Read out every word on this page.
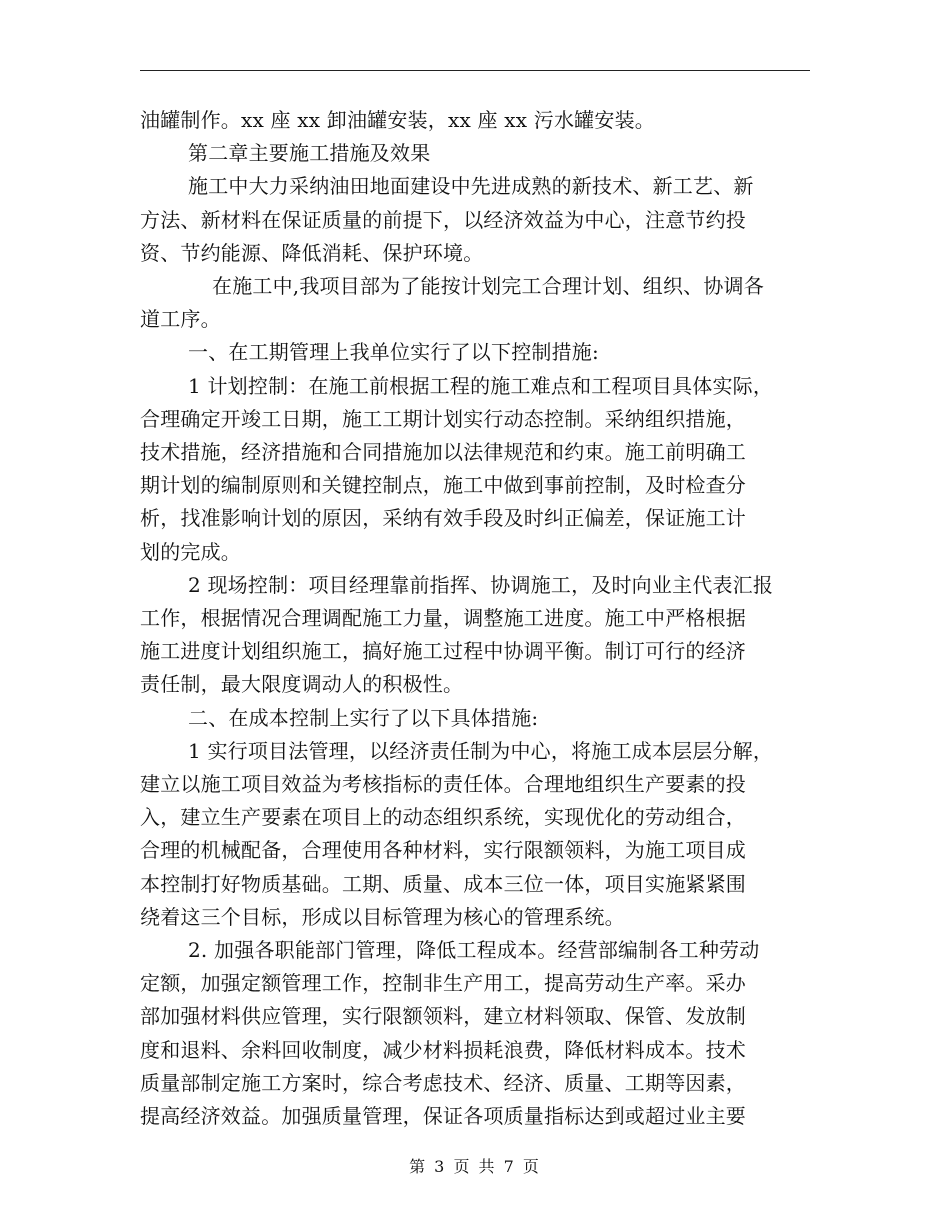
油罐制作。xx 座 xx 卸油罐安装，xx 座 xx 污水罐安装。

第二章主要施工措施及效果

施工中大力采纳油田地面建设中先进成熟的新技术、新工艺、新

方法、新材料在保证质量的前提下，以经济效益为中心，注意节约投

资、节约能源、降低消耗、保护环境。

在施工中,我项目部为了能按计划完工合理计划、组织、协调各

道工序。

一、在工期管理上我单位实行了以下控制措施:

1 计划控制：在施工前根据工程的施工难点和工程项目具体实际，

合理确定开竣工日期，施工工期计划实行动态控制。采纳组织措施，

技术措施，经济措施和合同措施加以法律规范和约束。施工前明确工

期计划的编制原则和关键控制点，施工中做到事前控制，及时检查分

析，找准影响计划的原因，采纳有效手段及时纠正偏差，保证施工计

划的完成。

2 现场控制：项目经理靠前指挥、协调施工，及时向业主代表汇报

工作，根据情况合理调配施工力量，调整施工进度。施工中严格根据

施工进度计划组织施工，搞好施工过程中协调平衡。制订可行的经济

责任制，最大限度调动人的积极性。

二、在成本控制上实行了以下具体措施:

1 实行项目法管理，以经济责任制为中心，将施工成本层层分解，

建立以施工项目效益为考核指标的责任体。合理地组织生产要素的投

入，建立生产要素在项目上的动态组织系统，实现优化的劳动组合，

合理的机械配备，合理使用各种材料，实行限额领料，为施工项目成

本控制打好物质基础。工期、质量、成本三位一体，项目实施紧紧围

绕着这三个目标，形成以目标管理为核心的管理系统。

2. 加强各职能部门管理，降低工程成本。经营部编制各工种劳动

定额，加强定额管理工作，控制非生产用工，提高劳动生产率。采办

部加强材料供应管理，实行限额领料，建立材料领取、保管、发放制

度和退料、余料回收制度，减少材料损耗浪费，降低材料成本。技术

质量部制定施工方案时，综合考虑技术、经济、质量、工期等因素，

提高经济效益。加强质量管理，保证各项质量指标达到或超过业主要

第 3 页 共 7 页
